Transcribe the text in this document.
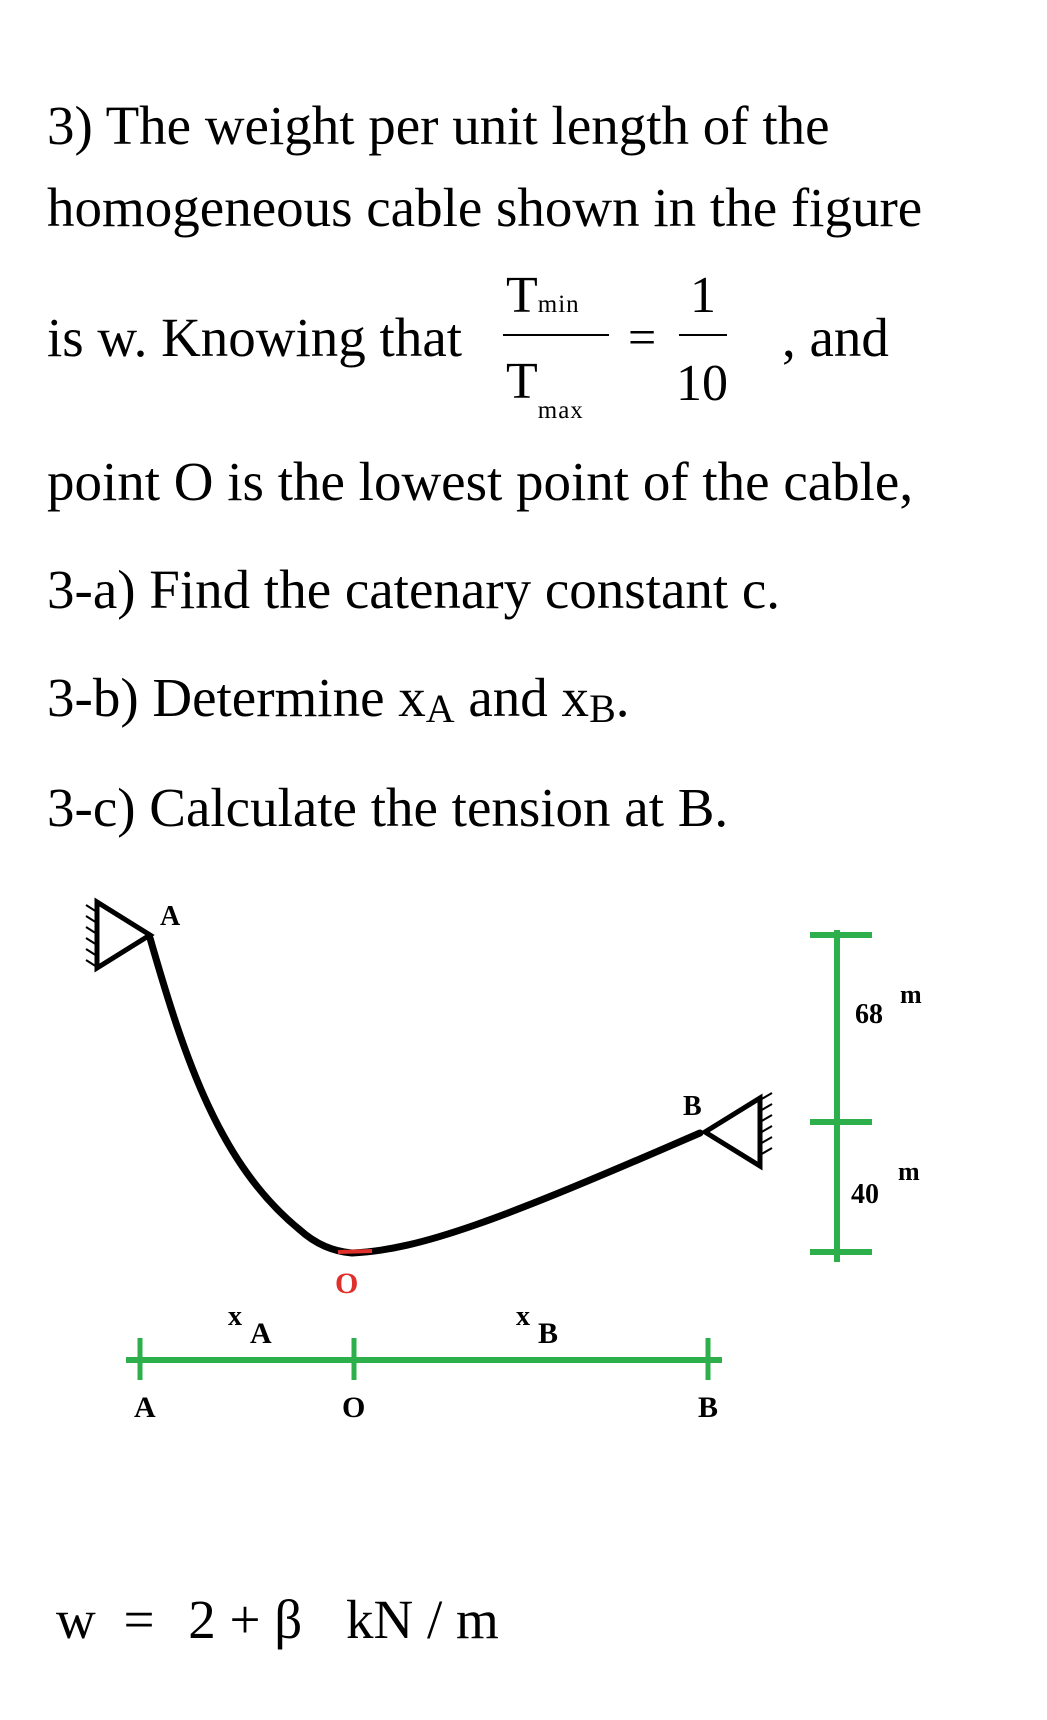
3) The weight per unit length of the
homogeneous cable shown in the figure
is w. Knowing that
Tmin
Tmax
=
1
10
, and
point O is the lowest point of the cable,
3-a) Find the catenary constant c.
3-b) Determine xA and xB.
3-c) Calculate the tension at B.
A
B
O
68
m
40
m
x
A
x
B
A	O	B
w = 2 + β kN / m
